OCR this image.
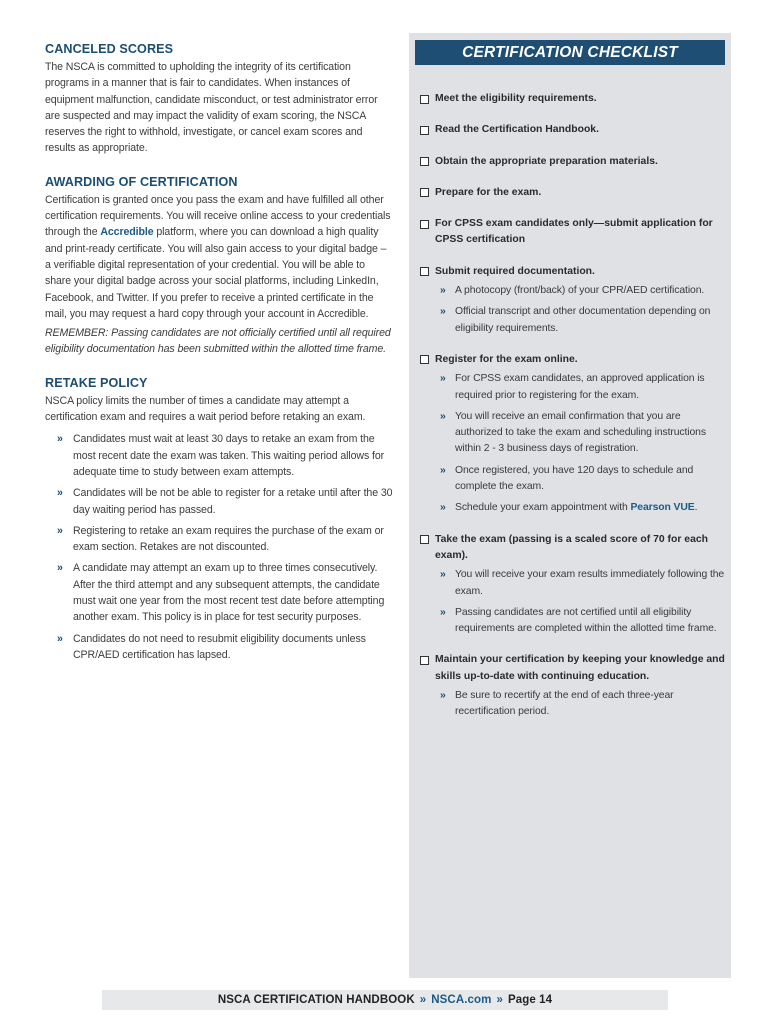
CANCELED SCORES

The NSCA is committed to upholding the integrity of its certification programs in a manner that is fair to candidates. When instances of equipment malfunction, candidate misconduct, or test administrator error are suspected and may impact the validity of exam scoring, the NSCA reserves the right to withhold, investigate, or cancel exam scores and results as appropriate.

AWARDING OF CERTIFICATION

Certification is granted once you pass the exam and have fulfilled all other certification requirements. You will receive online access to your credentials through the Accredible platform, where you can download a high quality and print-ready certificate. You will also gain access to your digital badge – a verifiable digital representation of your credential. You will be able to share your digital badge across your social platforms, including LinkedIn, Facebook, and Twitter. If you prefer to receive a printed certificate in the mail, you may request a hard copy through your account in Accredible.

REMEMBER: Passing candidates are not officially certified until all required eligibility documentation has been submitted within the allotted time frame.

RETAKE POLICY

NSCA policy limits the number of times a candidate may attempt a certification exam and requires a wait period before retaking an exam.

» Candidates must wait at least 30 days to retake an exam from the most recent date the exam was taken. This waiting period allows for adequate time to study between exam attempts.
» Candidates will be not be able to register for a retake until after the 30 day waiting period has passed.
» Registering to retake an exam requires the purchase of the exam or exam section. Retakes are not discounted.
» A candidate may attempt an exam up to three times consecutively. After the third attempt and any subsequent attempts, the candidate must wait one year from the most recent test date before attempting another exam. This policy is in place for test security purposes.
» Candidates do not need to resubmit eligibility documents unless CPR/AED certification has lapsed.
CERTIFICATION CHECKLIST
Meet the eligibility requirements.
Read the Certification Handbook.
Obtain the appropriate preparation materials.
Prepare for the exam.
For CPSS exam candidates only—submit application for CPSS certification
Submit required documentation.
» A photocopy (front/back) of your CPR/AED certification.
» Official transcript and other documentation depending on eligibility requirements.
Register for the exam online.
» For CPSS exam candidates, an approved application is required prior to registering for the exam.
» You will receive an email confirmation that you are authorized to take the exam and scheduling instructions within 2 - 3 business days of registration.
» Once registered, you have 120 days to schedule and complete the exam.
» Schedule your exam appointment with Pearson VUE.
Take the exam (passing is a scaled score of 70 for each exam).
» You will receive your exam results immediately following the exam.
» Passing candidates are not certified until all eligibility requirements are completed within the allotted time frame.
Maintain your certification by keeping your knowledge and skills up-to-date with continuing education.
» Be sure to recertify at the end of each three-year recertification period.
NSCA CERTIFICATION HANDBOOK » NSCA.com » Page 14
